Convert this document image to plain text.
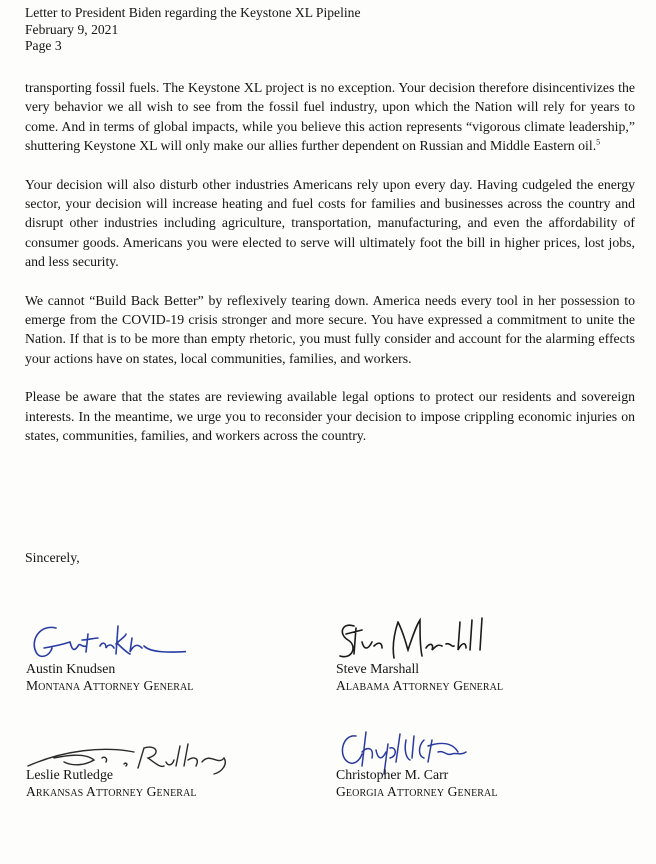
Letter to President Biden regarding the Keystone XL Pipeline
February 9, 2021
Page 3

transporting fossil fuels. The Keystone XL project is no exception. Your decision therefore disincentivizes the very behavior we all wish to see from the fossil fuel industry, upon which the Nation will rely for years to come. And in terms of global impacts, while you believe this action represents “vigorous climate leadership,” shuttering Keystone XL will only make our allies further dependent on Russian and Middle Eastern oil.$^5$

Your decision will also disturb other industries Americans rely upon every day. Having cudgeled the energy sector, your decision will increase heating and fuel costs for families and businesses across the country and disrupt other industries including agriculture, transportation, manufacturing, and even the affordability of consumer goods. Americans you were elected to serve will ultimately foot the bill in higher prices, lost jobs, and less security.

We cannot “Build Back Better” by reflexively tearing down. America needs every tool in her possession to emerge from the COVID-19 crisis stronger and more secure. You have expressed a commitment to unite the Nation. If that is to be more than empty rhetoric, you must fully consider and account for the alarming effects your actions have on states, local communities, families, and workers.

Please be aware that the states are reviewing available legal options to protect our residents and sovereign interests. In the meantime, we urge you to reconsider your decision to impose crippling economic injuries on states, communities, families, and workers across the country.

Sincerely,
Austin Knudsen
Montana Attorney General
Steve Marshall
Alabama Attorney General
Leslie Rutledge
Arkansas Attorney General
Christopher M. Carr
Georgia Attorney General
